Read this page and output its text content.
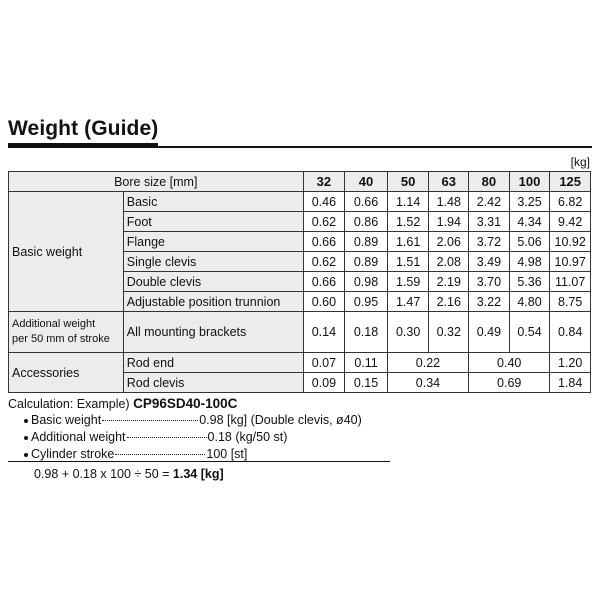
Weight (Guide)
[kg]
Bore size [mm]		32	40	50	63	80	100	125
Basic weight	Basic	0.46	0.66	1.14	1.48	2.42	3.25	6.82
	Foot	0.62	0.86	1.52	1.94	3.31	4.34	9.42
	Flange	0.66	0.89	1.61	2.06	3.72	5.06	10.92
	Single clevis	0.62	0.89	1.51	2.08	3.49	4.98	10.97
	Double clevis	0.66	0.98	1.59	2.19	3.70	5.36	11.07
	Adjustable position trunnion	0.60	0.95	1.47	2.16	3.22	4.80	8.75
Additional weight
per 50 mm of stroke	All mounting brackets	0.14	0.18	0.30	0.32	0.49	0.54	0.84
Accessories	Rod end	0.07	0.11	0.22		0.40		1.20
	Rod clevis	0.09	0.15	0.34		0.69		1.84
Calculation: Example) CP96SD40-100C
Basic weight	0.98 [kg] (Double clevis, ø40)
Additional weight	0.18 (kg/50 st)
Cylinder stroke	100 [st]
0.98 + 0.18 x 100 ÷ 50 = 1.34 [kg]
